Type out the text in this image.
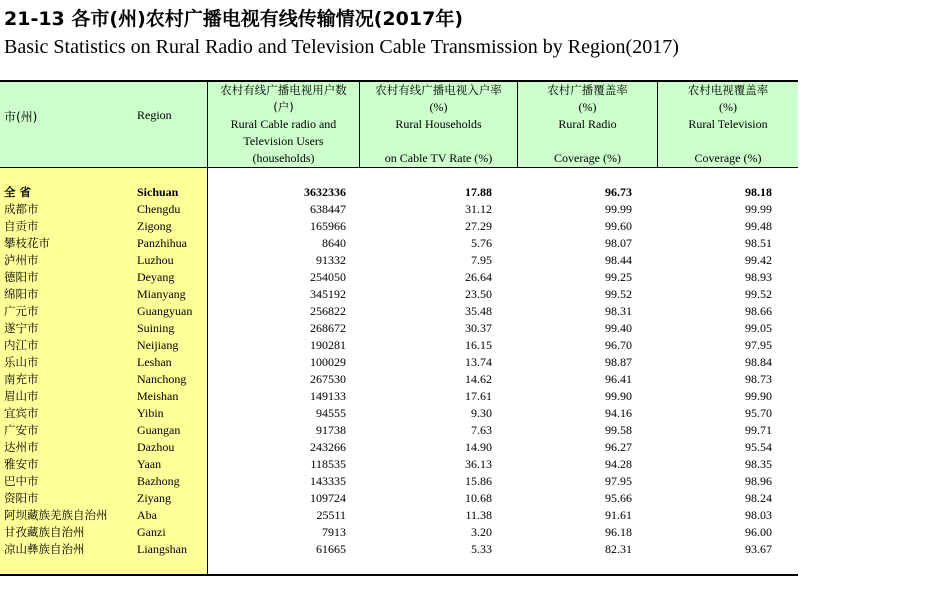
21-13 各市(州)农村广播电视有线传输情况(2017年)
Basic Statistics on Rural Radio and Television Cable Transmission by Region(2017)
市(州)	Region
农村有线广播电视用户数
(户)
Rural Cable radio and
Television Users
(households)
农村有线广播电视入户率
(%)
Rural Households
on Cable TV Rate (%)
农村广播覆盖率
(%)
Rural Radio
Coverage (%)
农村电视覆盖率
(%)
Rural Television
Coverage (%)
全 省	Sichuan	3632336	17.88	96.73	98.18
成都市	Chengdu	638447	31.12	99.99	99.99
自贡市	Zigong	165966	27.29	99.60	99.48
攀枝花市	Panzhihua	8640	5.76	98.07	98.51
泸州市	Luzhou	91332	7.95	98.44	99.42
德阳市	Deyang	254050	26.64	99.25	98.93
绵阳市	Mianyang	345192	23.50	99.52	99.52
广元市	Guangyuan	256822	35.48	98.31	98.66
遂宁市	Suining	268672	30.37	99.40	99.05
内江市	Neijiang	190281	16.15	96.70	97.95
乐山市	Leshan	100029	13.74	98.87	98.84
南充市	Nanchong	267530	14.62	96.41	98.73
眉山市	Meishan	149133	17.61	99.90	99.90
宜宾市	Yibin	94555	9.30	94.16	95.70
广安市	Guangan	91738	7.63	99.58	99.71
达州市	Dazhou	243266	14.90	96.27	95.54
雅安市	Yaan	118535	36.13	94.28	98.35
巴中市	Bazhong	143335	15.86	97.95	98.96
资阳市	Ziyang	109724	10.68	95.66	98.24
阿坝藏族羌族自治州 Aba	25511	11.38	91.61	98.03
甘孜藏族自治州	Ganzi	7913	3.20	96.18	96.00
凉山彝族自治州	Liangshan	61665	5.33	82.31	93.67
